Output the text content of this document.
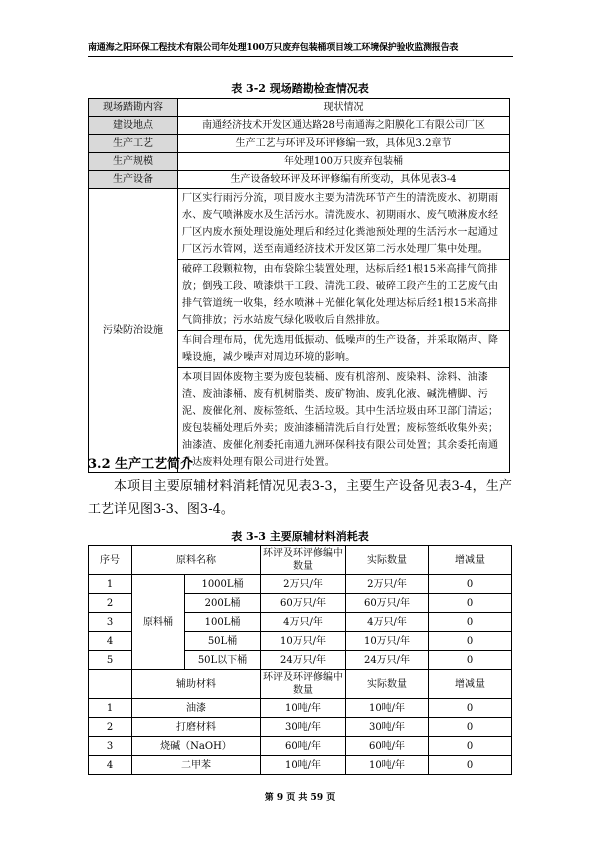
南通海之阳环保工程技术有限公司年处理100万只废弃包装桶项目竣工环境保护验收监测报告表
表 3-2 现场踏勘检查情况表
现场踏勘内容	现状情况
建设地点	南通经济技术开发区通达路28号南通海之阳膜化工有限公司厂区
生产工艺	生产工艺与环评及环评修编一致，具体见3.2章节
生产规模	年处理100万只废弃包装桶
生产设备	生产设备较环评及环评修编有所变动，具体见表3-4
污染防治设施	厂区实行雨污分流，项目废水主要为清洗环节产生的清洗废水、初期雨水、废气喷淋废水及生活污水。清洗废水、初期雨水、废气喷淋废水经厂区内废水预处理设施处理后和经过化粪池预处理的生活污水一起通过厂区污水管网，送至南通经济技术开发区第二污水处理厂集中处理。
	破碎工段颗粒物，由布袋除尘装置处理，达标后经1根15米高排气筒排放；倒残工段、喷漆烘干工段、清洗工段、破碎工段产生的工艺废气由排气管道统一收集，经水喷淋＋光催化氧化处理达标后经1根15米高排气筒排放；污水站废气绿化吸收后自然排放。
	车间合理布局，优先选用低振动、低噪声的生产设备，并采取隔声、降噪设施，减少噪声对周边环境的影响。
	本项目固体废物主要为废包装桶、废有机溶剂、废染料、涂料、油漆渣、废油漆桶、废有机树脂类、废矿物油、废乳化液、碱洗槽脚、污泥、废催化剂、废标签纸、生活垃圾。其中生活垃圾由环卫部门清运；废包装桶处理后外卖；废油漆桶清洗后自行处置；废标签纸收集外卖；油漆渣、废催化剂委托南通九洲环保科技有限公司处置；其余委托南通升达废料处理有限公司进行处置。
3.2 生产工艺简介
本项目主要原辅材料消耗情况见表3-3，主要生产设备见表3-4，生产工艺详见图3-3、图3-4。
表 3-3 主要原辅材料消耗表
序号	原料名称		环评及环评修编中数量	实际数量	增减量
1	原料桶	1000L桶	2万只/年	2万只/年	0
2		200L桶	60万只/年	60万只/年	0
3		100L桶	4万只/年	4万只/年	0
4		50L桶	10万只/年	10万只/年	0
5		50L以下桶	24万只/年	24万只/年	0
	辅助材料		环评及环评修编中数量	实际数量	增减量
1	油漆		10吨/年	10吨/年	0
2	打磨材料		30吨/年	30吨/年	0
3	烧碱（NaOH）		60吨/年	60吨/年	0
4	二甲苯		10吨/年	10吨/年	0
第 9 页 共 59 页
